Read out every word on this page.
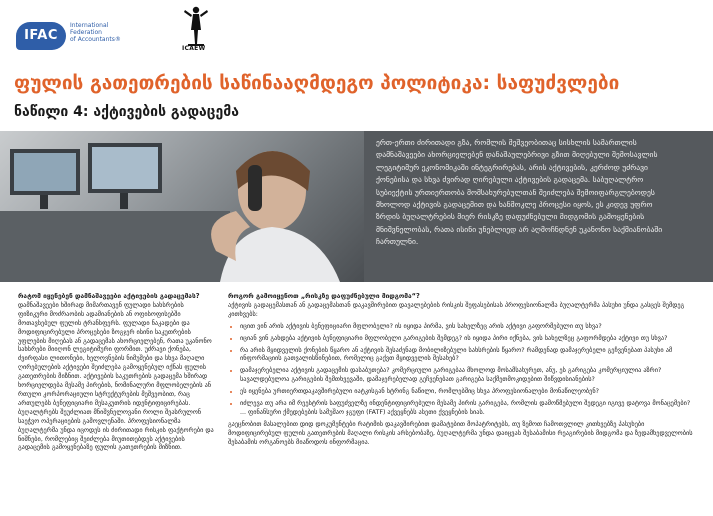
IFAC
International
Federation
of Accountants®
ICAEW
ფულის გათეთრების საწინააღმდეგო პოლიტიკა: საფუძვლები
ნაწილი 4: აქტივების გადაცემა
ერთ-ერთი ძირითადი გზა, რომლის მეშვეობითაც სისხლის სამართლის დამნაშავეები ახორციელებენ დანაშაულებრივი გზით მიღებული შემოსავლის ლეგიტიმურ ეკონომიკაში ინტეგრირებას, არის აქტივების, კერძოდ უძრავი ქონებისა და სხვა ძვირად ღირებული აქტივების გადაცემა. საბუღალტრო სუბიექტის ურთიერთობა მომსახურებულთან შეიძლება შემოიფარგლებოდეს მხოლოდ აქტივის გადაცემით და ხანმოკლე პროცესი იყოს, ეს კიდევ უფრო ზრდის ბუღალტრების მიერ რისკზე დაფუძნებული მიდგომის გამოყენების მნიშვნელობას, რათა ისინი უნებლიედ არ აღმოჩნდნენ უკანონო საქმიანობაში ჩართულნი.
რატომ იყენებენ დამნაშავეები აქტივების გადაცემას?
დამნაშავეები ხშირად მიმართავენ ფულადი სახსრების ფიზიკური მოძრაობის ადამიანების ან ოფისოფისებში მოთავსებულ ფულის ტრანსფერს. ფულადი ნაკადები და მოდიფიცირებული პროცესები ზოგჯერ ისინი საკუთრების უფლების მიღებას ან გადაცემას ახორციელებენ, რათა უკანონო სახსრები მიიღონ ლეგიტიმური ფორმით. უძრავი ქონება, ძვირფასი ლითონები, ხელოვნების ნიმუშები და სხვა მაღალი ღირებულების აქტივები შეიძლება გამოყენებულ იქნას ფულის გათეთრების მიზნით. აქტივების საკუთრების გადაცემა ხშირად ხორციელდება მესამე პირების, ნომინალური მფლობელების ან რთული კორპორაციული სტრუქტურების მეშვეობით, რაც ართულებს ბენეფიციარი მესაკუთრის იდენტიფიცირებას. ბუღალტრებს შეუძლიათ მნიშვნელოვანი როლი შეასრულონ საეჭვო ოპერაციების გამოვლენაში. პროფესიონალმა ბუღალტერმა უნდა იცოდეს ის ძირითადი რისკის ფაქტორები და ნიშნები, რომლებიც შეიძლება მიუთითებდეს აქტივების გადაცემის გამოყენებაზე ფულის გათეთრების მიზნით.
როგორ გამოიყენოთ „რისკზე დაფუძნებული მიდგომა“?
აქტივის გადაცემასთან ან გადაცემასთან დაკავშირებით დავალებების რისკის შეფასებისას პროფესიონალმა ბუღალტერმა პასუხი უნდა გასცეს შემდეგ კითხვებს:
• იცით ვინ არის აქტივის ბენეფიციარი მფლობელი? ის იყიდა პირმა, ვის სახელზეც არის აქტივი გაფორმებული თუ სხვა?
• იციან ვინ გახდება აქტივის ბენეფიციარი მფლობელი გარიგების შემდეგ? ის იყიდა პირი იქნება, ვის სახელზეც გაფორმდება აქტივი თუ სხვა?
• რა არის მყიდველის ქონების წყარო ან აქტივის შესაძენად მობილიზებული სახსრების წყარო? რამდენად დამაჯერებელი გეჩვენებათ პასუხი ამ ინფორმაციის გათვალისწინებით, რომელიც გაქვთ მყიდველის შესახებ?
• დამაჯერებელია აქტივის გადაცემის დასაბუთება? კომერციული გარიგებაა მხოლოდ მოსამსახურეთ, ანუ, ეს გარიგება კომერციულია აზრი? სავალდებულოა გარიგების შემთხვევაში, დამაჯერებელად გეჩვენებათ გარიგება საქმეთმოკიდებით შიწვდისიანების?
• ეს იყენება ურთიერთდაკავშირებული იატკისგან სტრინგ ნაწილი, რომლებშიც სხვა პროფესიონალები მონაწილეობენ?
• იძლევა თუ არა იმ რეესტრის საფუძველზე ინდენტიფიცირებული მესამე პირის გარიგება, რომლის დამოწმებული შედეგი იგივე დატოვა მონაცემები? ... ფინანსური ქმედებების სამუშაო ჯგუფი (FATF) აქვეყნებს ასეთი ქვეყნების სიას.
გაეცნობით მასალებით დიდ დოკუმენტები რატიმის დაკავშირებით დამატებით მოპატრიტებს, თუ ზემოთ ჩამოთვლილ კითხვებზე პასუხები მოდიფიცირებულ ფულის გათეთრების მაღალი რისკის არსებობაზე, ბუღალტერმა უნდა დაიცვას შესაბამისი რეაგირების მიდგომა და ზედამხედველობის შესაბამის ორგანოებს მიაწოდოს ინფორმაცია.
